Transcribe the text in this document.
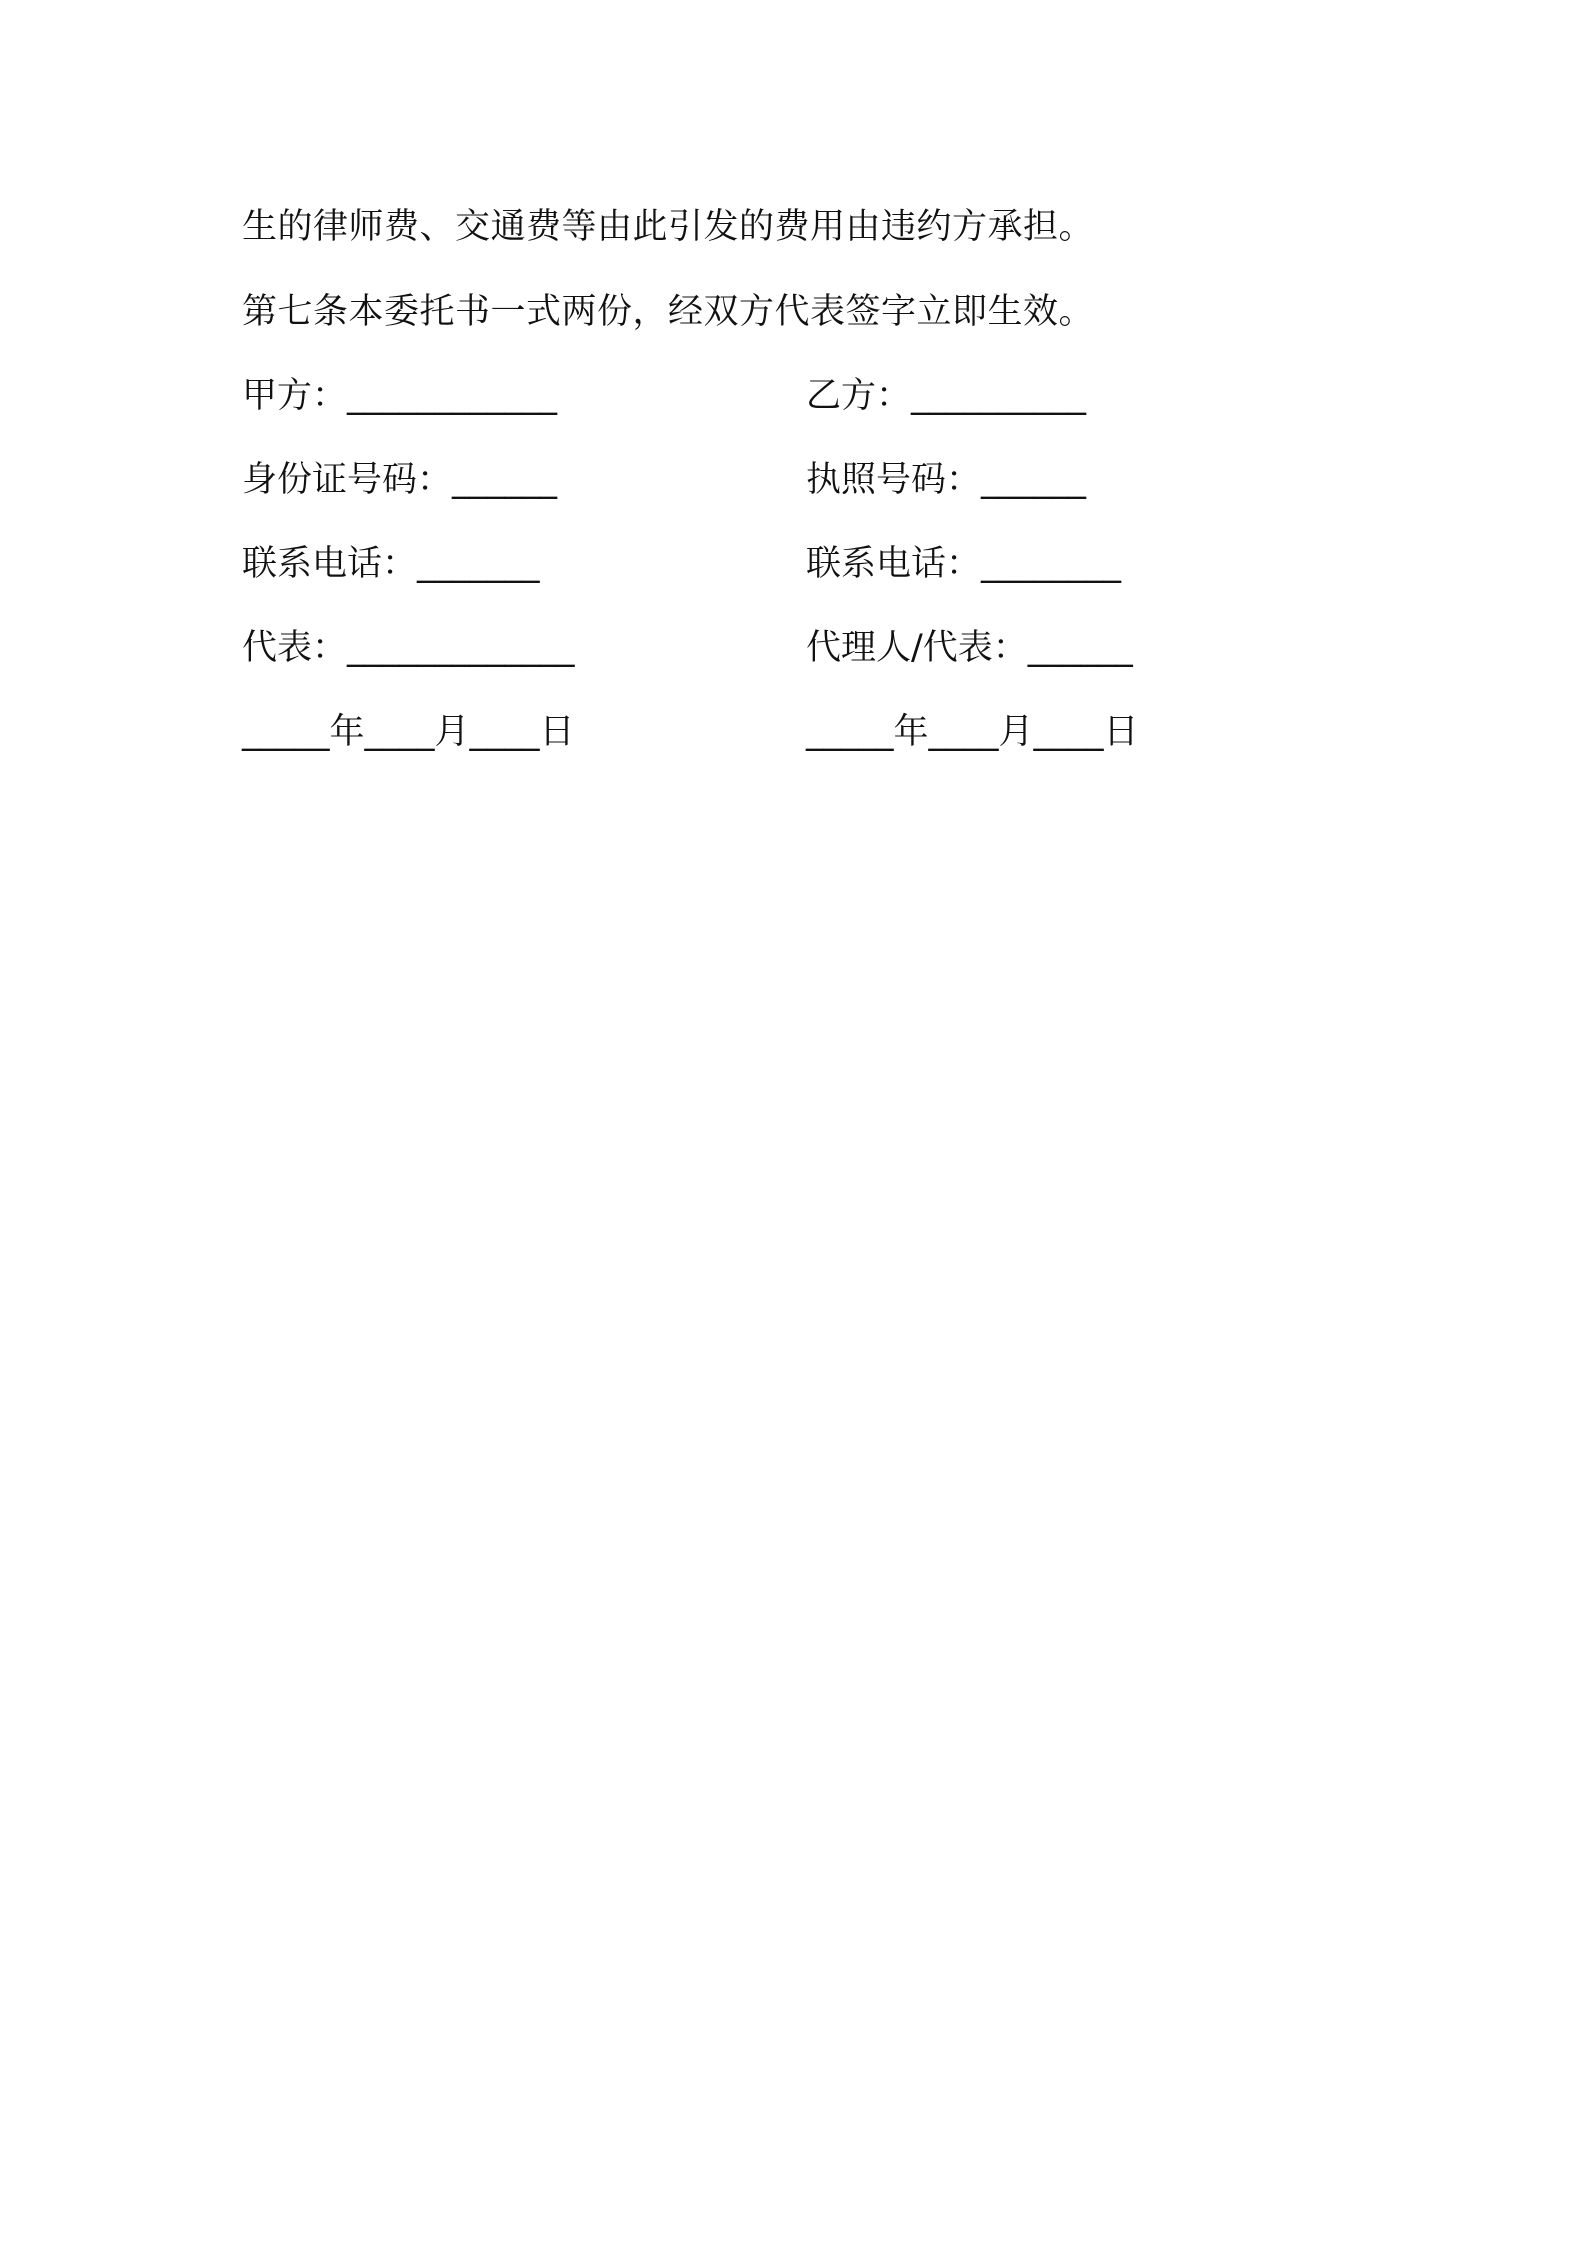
生的律师费、交通费等由此引发的费用由违约方承担。
第七条本委托书一式两份，经双方代表签字立即生效。
甲方：____________	乙方：__________
身份证号码：______	执照号码：______
联系电话：_______	联系电话：________
代表：_____________	代理人/代表：______
_____年____月____日	_____年____月____日
